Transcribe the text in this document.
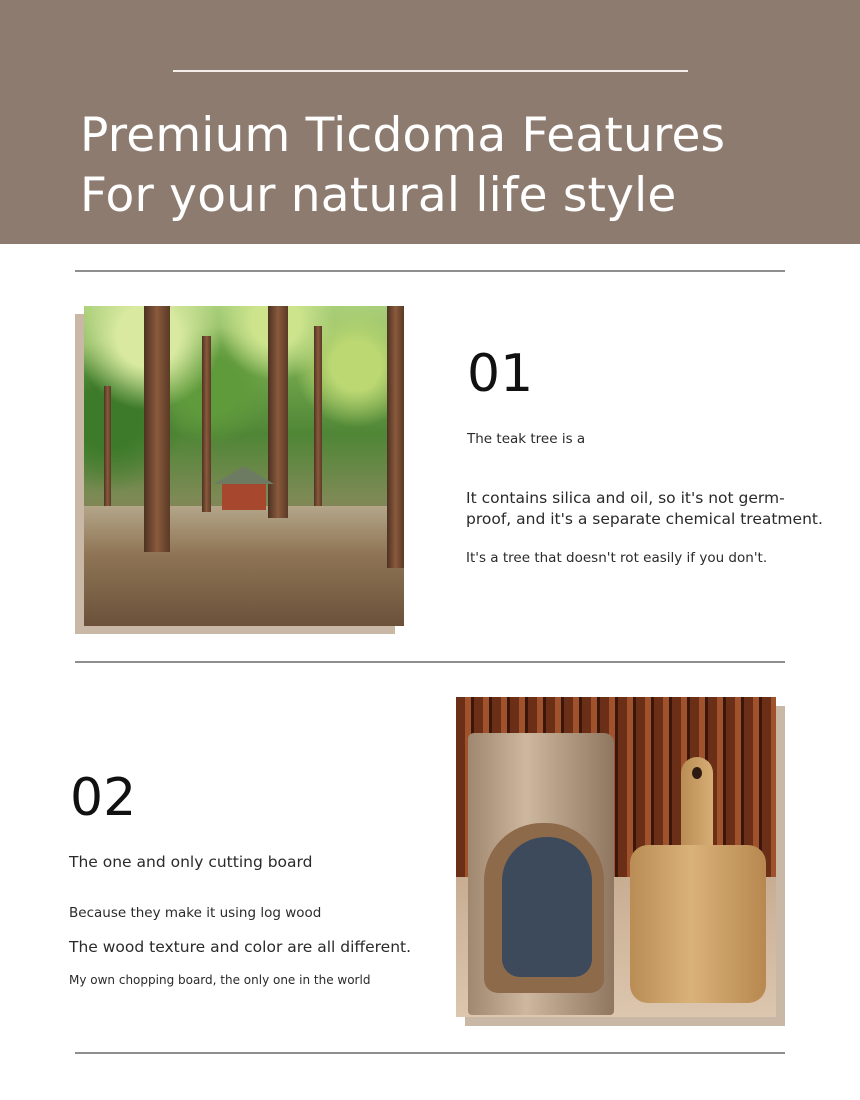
Premium Ticdoma Features For your natural life style
01

The teak tree is a

It contains silica and oil, so it's not germ-proof, and it's a separate chemical treatment.

It's a tree that doesn't rot easily if you don't.

02

The one and only cutting board

Because they make it using log wood

The wood texture and color are all different.

My own chopping board, the only one in the world
